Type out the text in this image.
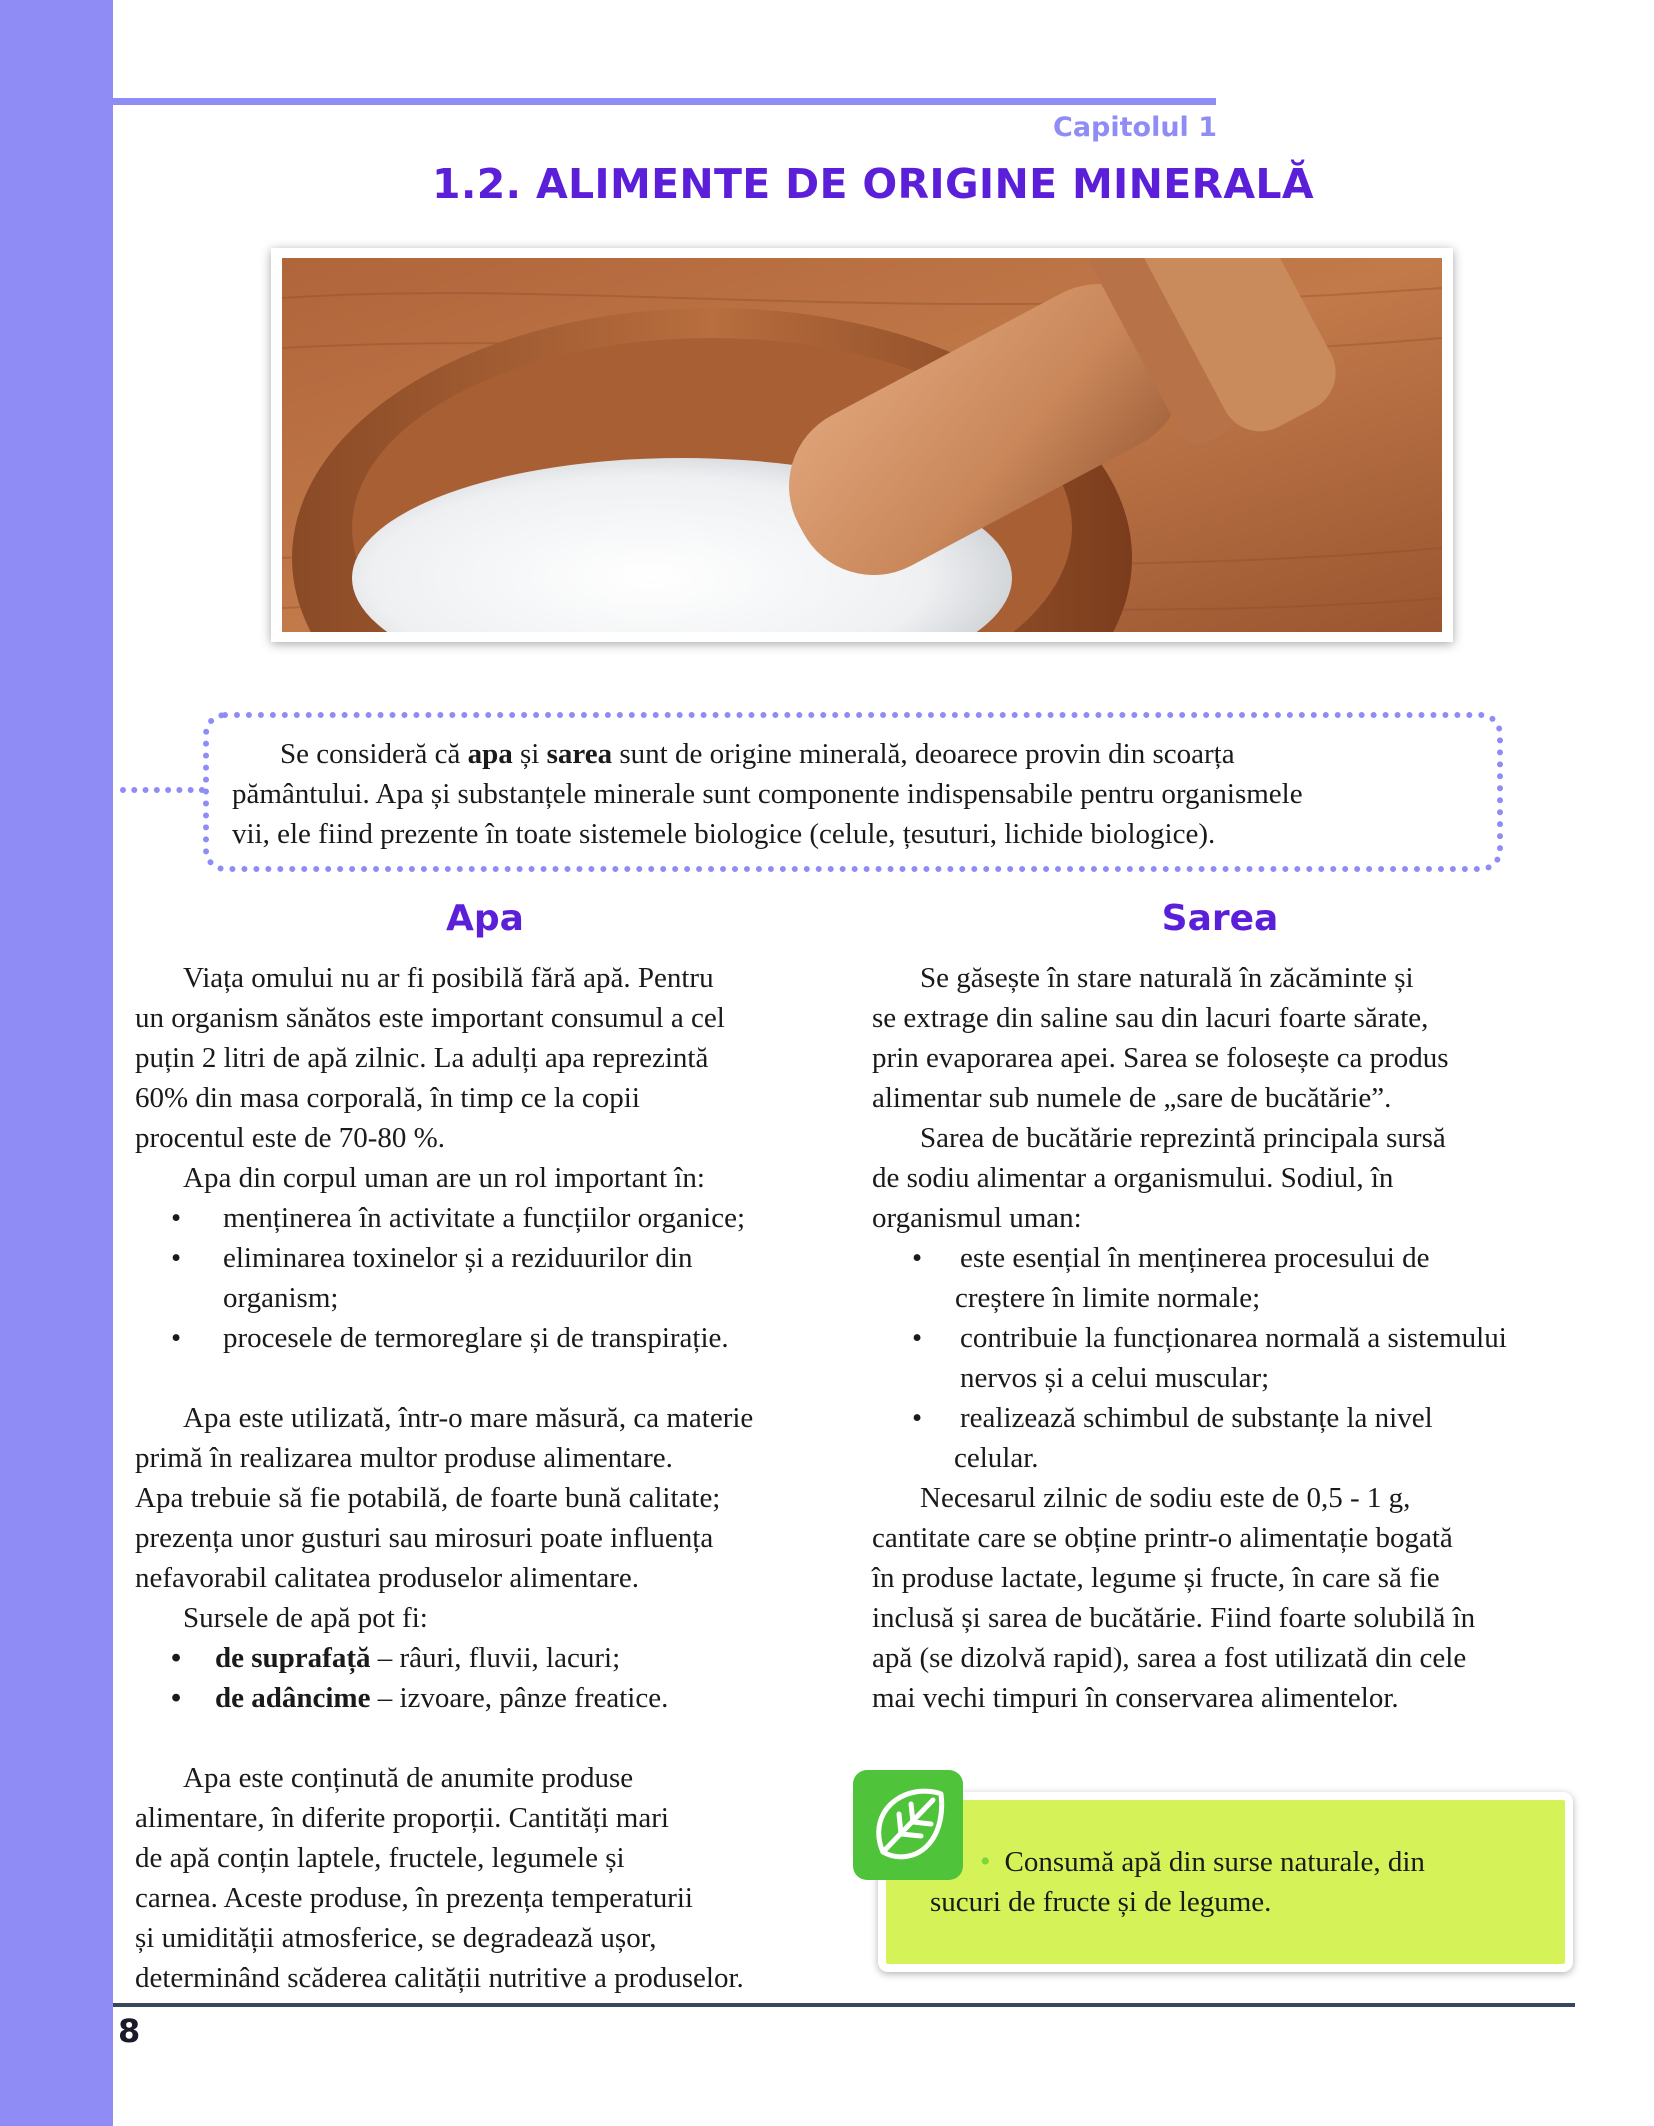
Capitolul 1
1.2. ALIMENTE DE ORIGINE MINERALĂ

Se consideră că apa și sarea sunt de origine minerală, deoarece provin din scoarța
pământului. Apa și substanțele minerale sunt componente indispensabile pentru organismele
vii, ele fiind prezente în toate sistemele biologice (celule, țesuturi, lichide biologice).

Apa

Viața omului nu ar fi posibilă fără apă. Pentru
un organism sănătos este important consumul a cel
puțin 2 litri de apă zilnic. La adulți apa reprezintă
60% din masa corporală, în timp ce la copii
procentul este de 70-80 %.

Apa din corpul uman are un rol important în:

• menținerea în activitate a funcțiilor organice;
• eliminarea toxinelor și a reziduurilor din
organism;
• procesele de termoreglare și de transpirație.

Apa este utilizată, într-o mare măsură, ca materie
primă în realizarea multor produse alimentare.
Apa trebuie să fie potabilă, de foarte bună calitate;
prezența unor gusturi sau mirosuri poate influența
nefavorabil calitatea produselor alimentare.

Sursele de apă pot fi:

• de suprafață – râuri, fluvii, lacuri;
• de adâncime – izvoare, pânze freatice.

Apa este conținută de anumite produse
alimentare, în diferite proporții. Cantități mari
de apă conțin laptele, fructele, legumele și
carnea. Aceste produse, în prezența temperaturii
și umidității atmosferice, se degradează ușor,
determinând scăderea calității nutritive a produselor.

Sarea

Se găsește în stare naturală în zăcăminte și
se extrage din saline sau din lacuri foarte sărate,
prin evaporarea apei. Sarea se folosește ca produs
alimentar sub numele de „sare de bucătărie”.

Sarea de bucătărie reprezintă principala sursă
de sodiu alimentar a organismului. Sodiul, în
organismul uman:

• este esențial în menținerea procesului de
creștere în limite normale;
• contribuie la funcționarea normală a sistemului
nervos și a celui muscular;
• realizează schimbul de substanțe la nivel
celular.

Necesarul zilnic de sodiu este de 0,5 - 1 g,
cantitate care se obține printr-o alimentație bogată
în produse lactate, legume și fructe, în care să fie
inclusă și sarea de bucătărie. Fiind foarte solubilă în
apă (se dizolvă rapid), sarea a fost utilizată din cele
mai vechi timpuri în conservarea alimentelor.

• Consumă apă din surse naturale, din
sucuri de fructe și de legume.

8
